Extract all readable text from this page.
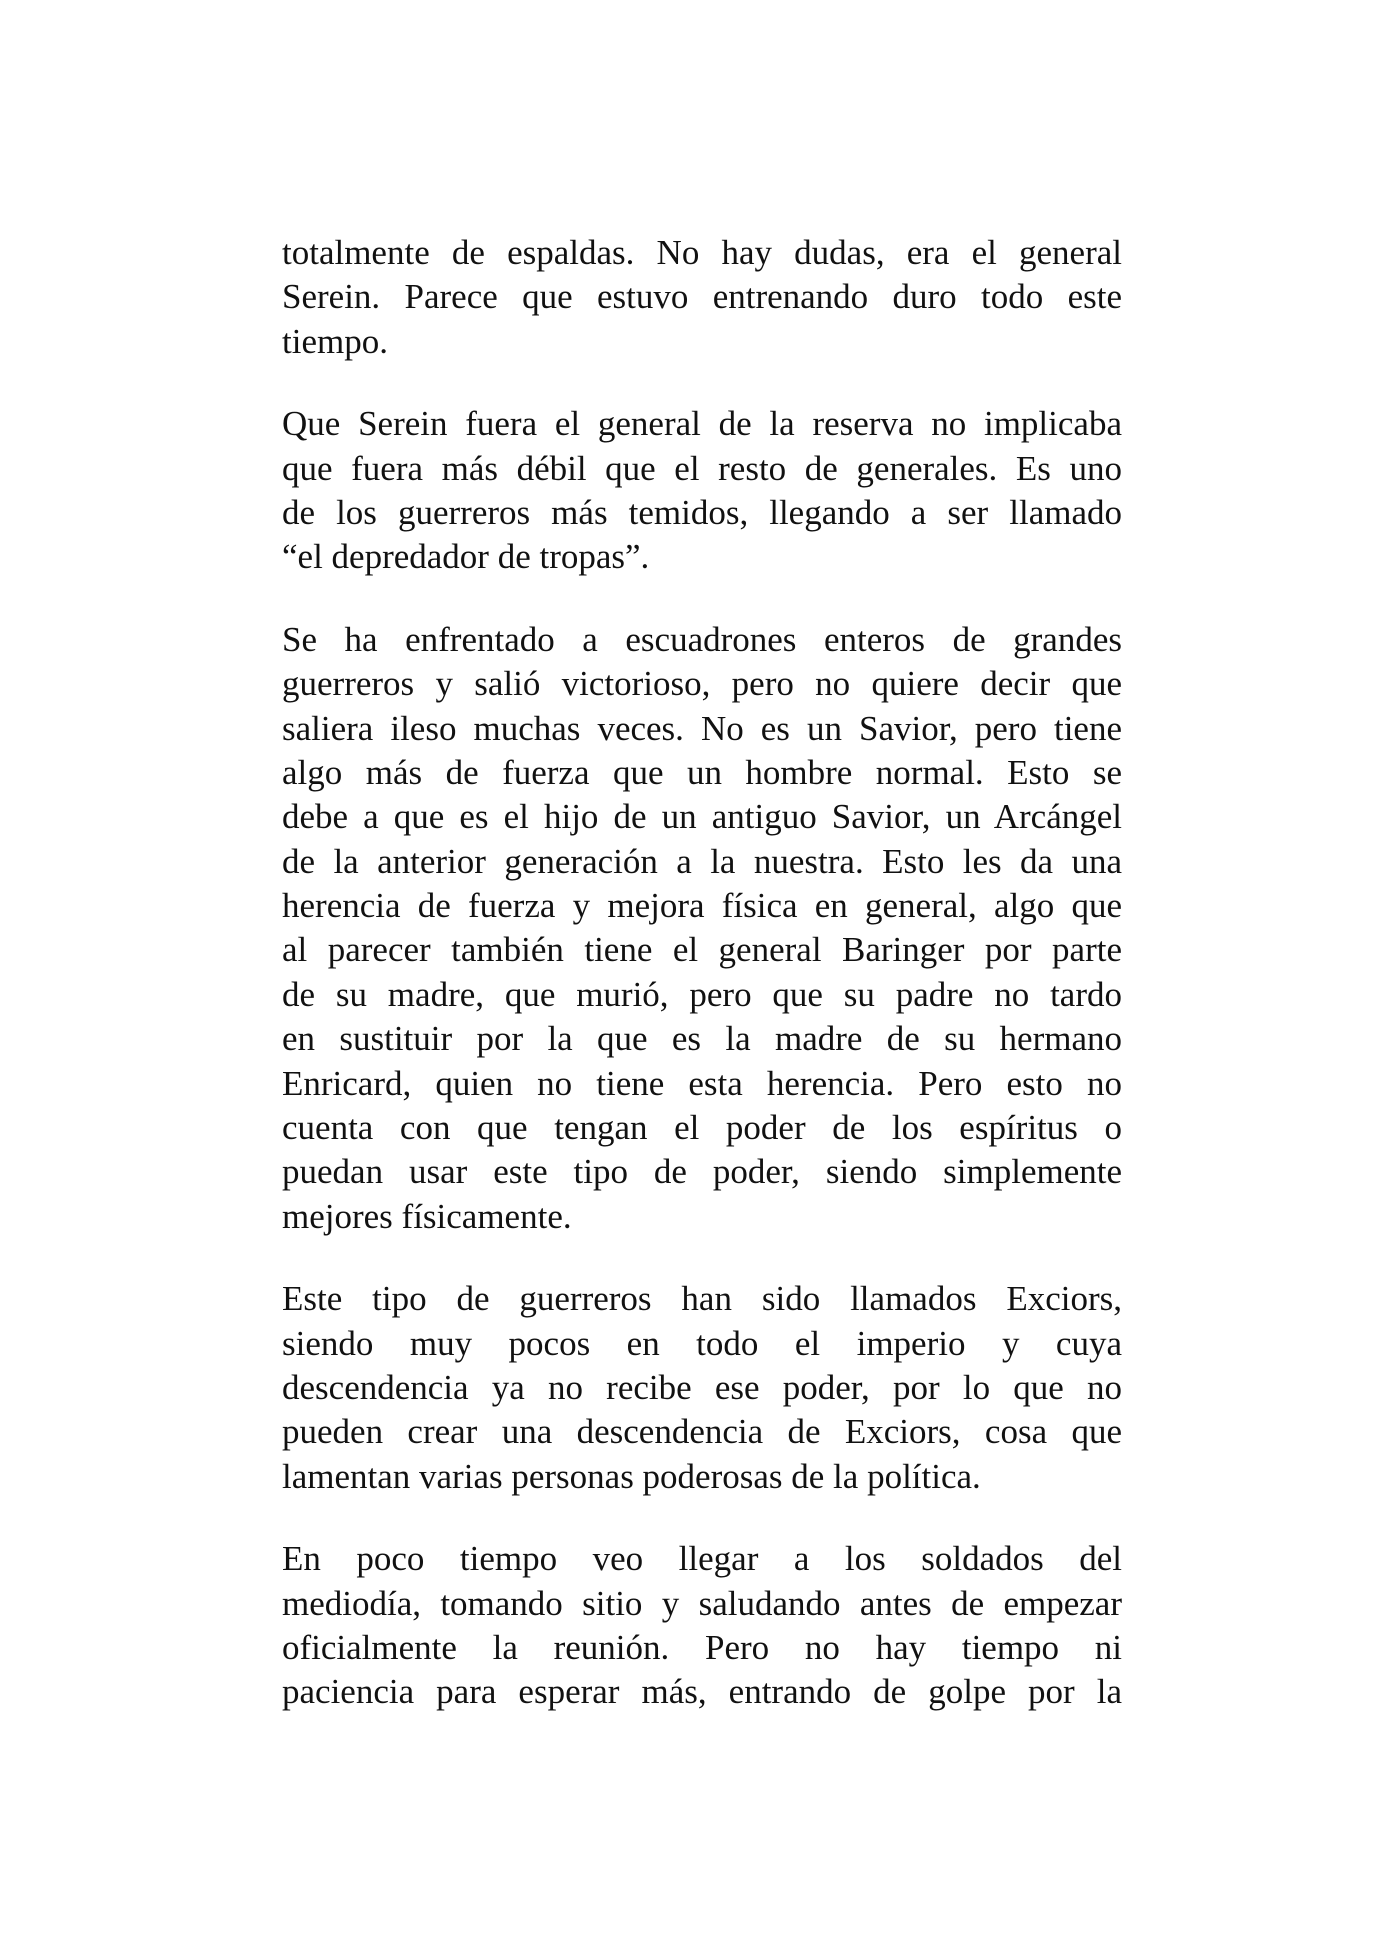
totalmente de espaldas. No hay dudas, era el general
Serein. Parece que estuvo entrenando duro todo este
tiempo.
Que Serein fuera el general de la reserva no implicaba
que fuera más débil que el resto de generales. Es uno
de los guerreros más temidos, llegando a ser llamado
“el depredador de tropas”.
Se ha enfrentado a escuadrones enteros de grandes
guerreros y salió victorioso, pero no quiere decir que
saliera ileso muchas veces. No es un Savior, pero tiene
algo más de fuerza que un hombre normal. Esto se
debe a que es el hijo de un antiguo Savior, un Arcángel
de la anterior generación a la nuestra. Esto les da una
herencia de fuerza y mejora física en general, algo que
al parecer también tiene el general Baringer por parte
de su madre, que murió, pero que su padre no tardo
en sustituir por la que es la madre de su hermano
Enricard, quien no tiene esta herencia. Pero esto no
cuenta con que tengan el poder de los espíritus o
puedan usar este tipo de poder, siendo simplemente
mejores físicamente.
Este tipo de guerreros han sido llamados Exciors,
siendo muy pocos en todo el imperio y cuya
descendencia ya no recibe ese poder, por lo que no
pueden crear una descendencia de Exciors, cosa que
lamentan varias personas poderosas de la política.
En poco tiempo veo llegar a los soldados del
mediodía, tomando sitio y saludando antes de empezar
oficialmente la reunión. Pero no hay tiempo ni
paciencia para esperar más, entrando de golpe por la
